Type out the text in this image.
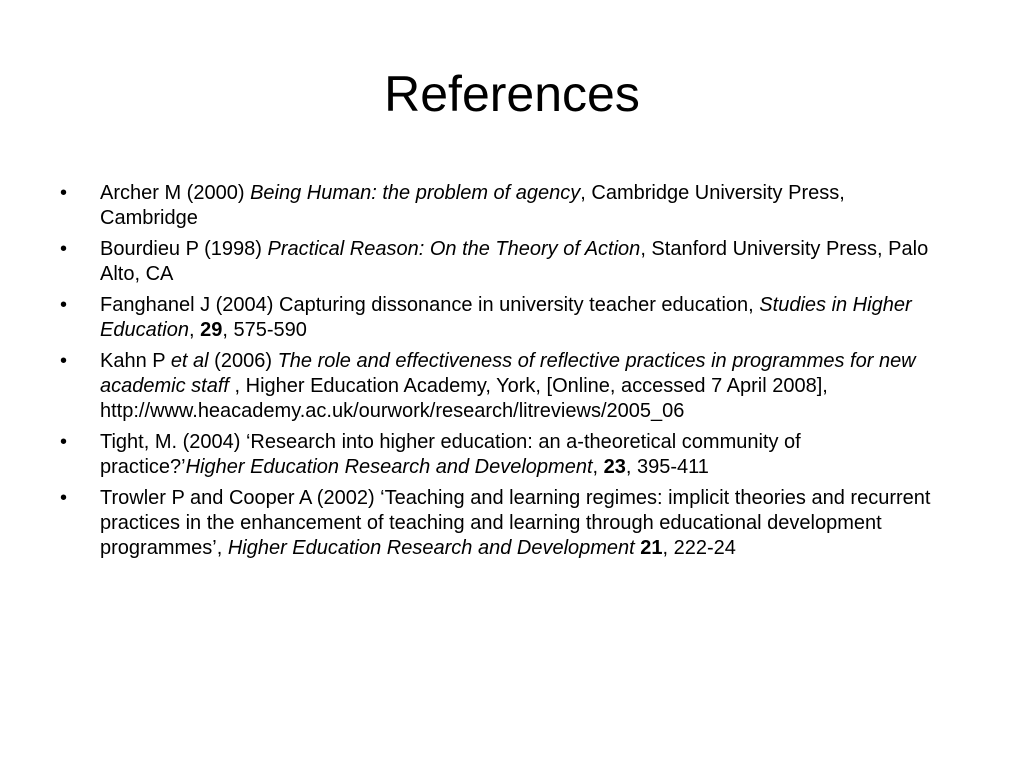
References
•	Archer M (2000) Being Human: the problem of agency, Cambridge University Press, Cambridge
•	Bourdieu P (1998) Practical Reason: On the Theory of Action, Stanford University Press, Palo Alto, CA
•	Fanghanel J (2004) Capturing dissonance in university teacher education, Studies in Higher Education, 29, 575-590
•	Kahn P et al (2006) The role and effectiveness of reflective practices in programmes for new academic staff , Higher Education Academy, York, [Online, accessed 7 April 2008], http://www.heacademy.ac.uk/ourwork/research/litreviews/2005_06
•	Tight, M. (2004) ‘Research into higher education: an a-theoretical community of practice?’Higher Education Research and Development, 23, 395-411
•	Trowler P and Cooper A (2002) ‘Teaching and learning regimes: implicit theories and recurrent practices in the enhancement of teaching and learning through educational development programmes’, Higher Education Research and Development 21, 222-24
